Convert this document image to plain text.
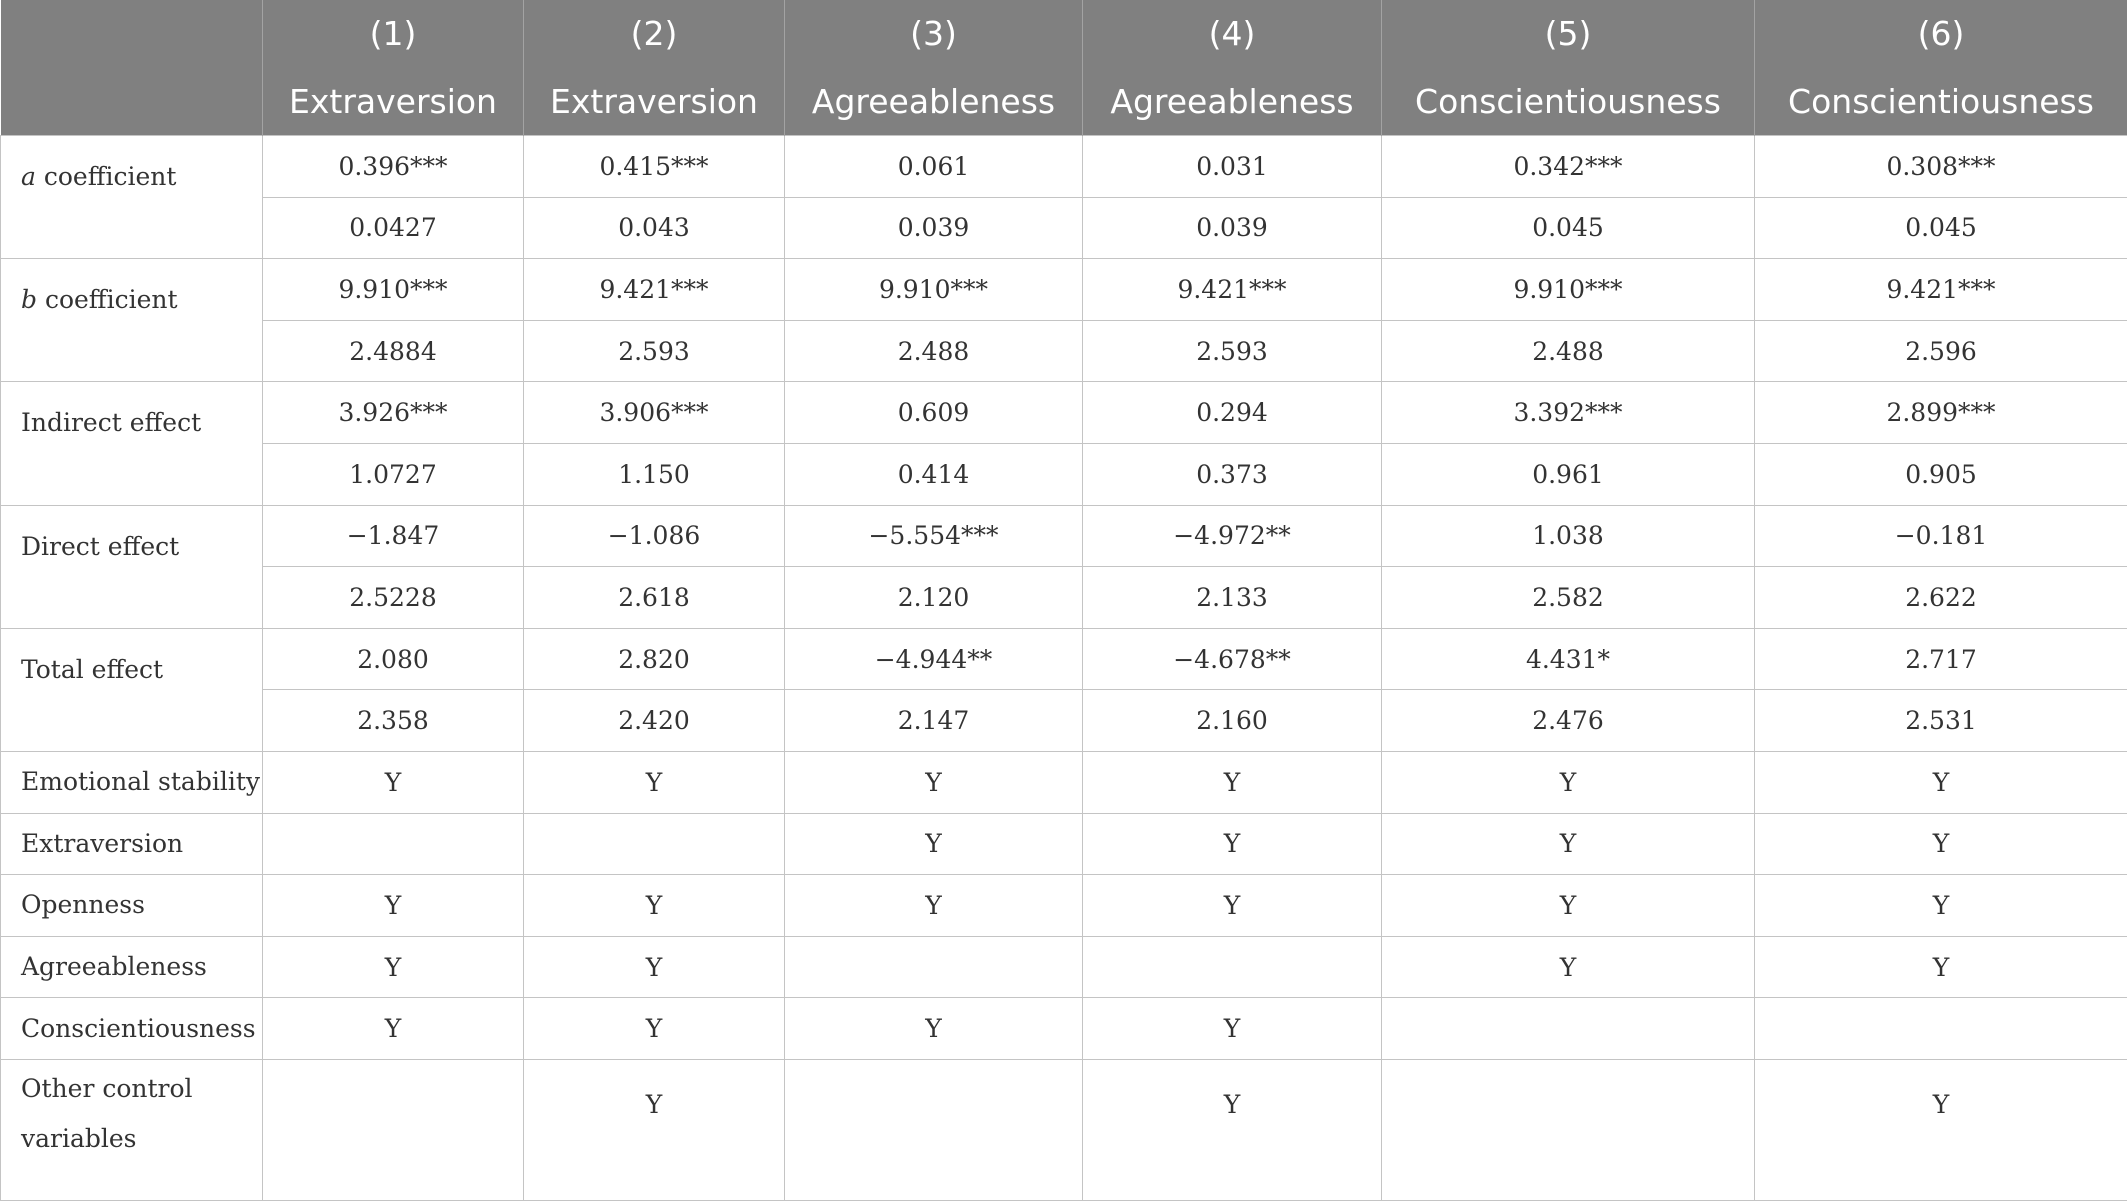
	(1)	(2)	(3)	(4)	(5)	(6)
	Extraversion	Extraversion	Agreeableness	Agreeableness	Conscientiousness	Conscientiousness
a coefficient	0.396***	0.415***	0.061	0.031	0.342***	0.308***
	0.0427	0.043	0.039	0.039	0.045	0.045
b coefficient	9.910***	9.421***	9.910***	9.421***	9.910***	9.421***
	2.4884	2.593	2.488	2.593	2.488	2.596
Indirect effect	3.926***	3.906***	0.609	0.294	3.392***	2.899***
	1.0727	1.150	0.414	0.373	0.961	0.905
Direct effect	−1.847	−1.086	−5.554***	−4.972**	1.038	−0.181
	2.5228	2.618	2.120	2.133	2.582	2.622
Total effect	2.080	2.820	−4.944**	−4.678**	4.431*	2.717
	2.358	2.420	2.147	2.160	2.476	2.531
Emotional stability	Y	Y	Y	Y	Y	Y
Extraversion			Y	Y	Y	Y
Openness	Y	Y	Y	Y	Y	Y
Agreeableness	Y	Y			Y	Y
Conscientiousness	Y	Y	Y	Y		
Other control variables		Y		Y		Y
